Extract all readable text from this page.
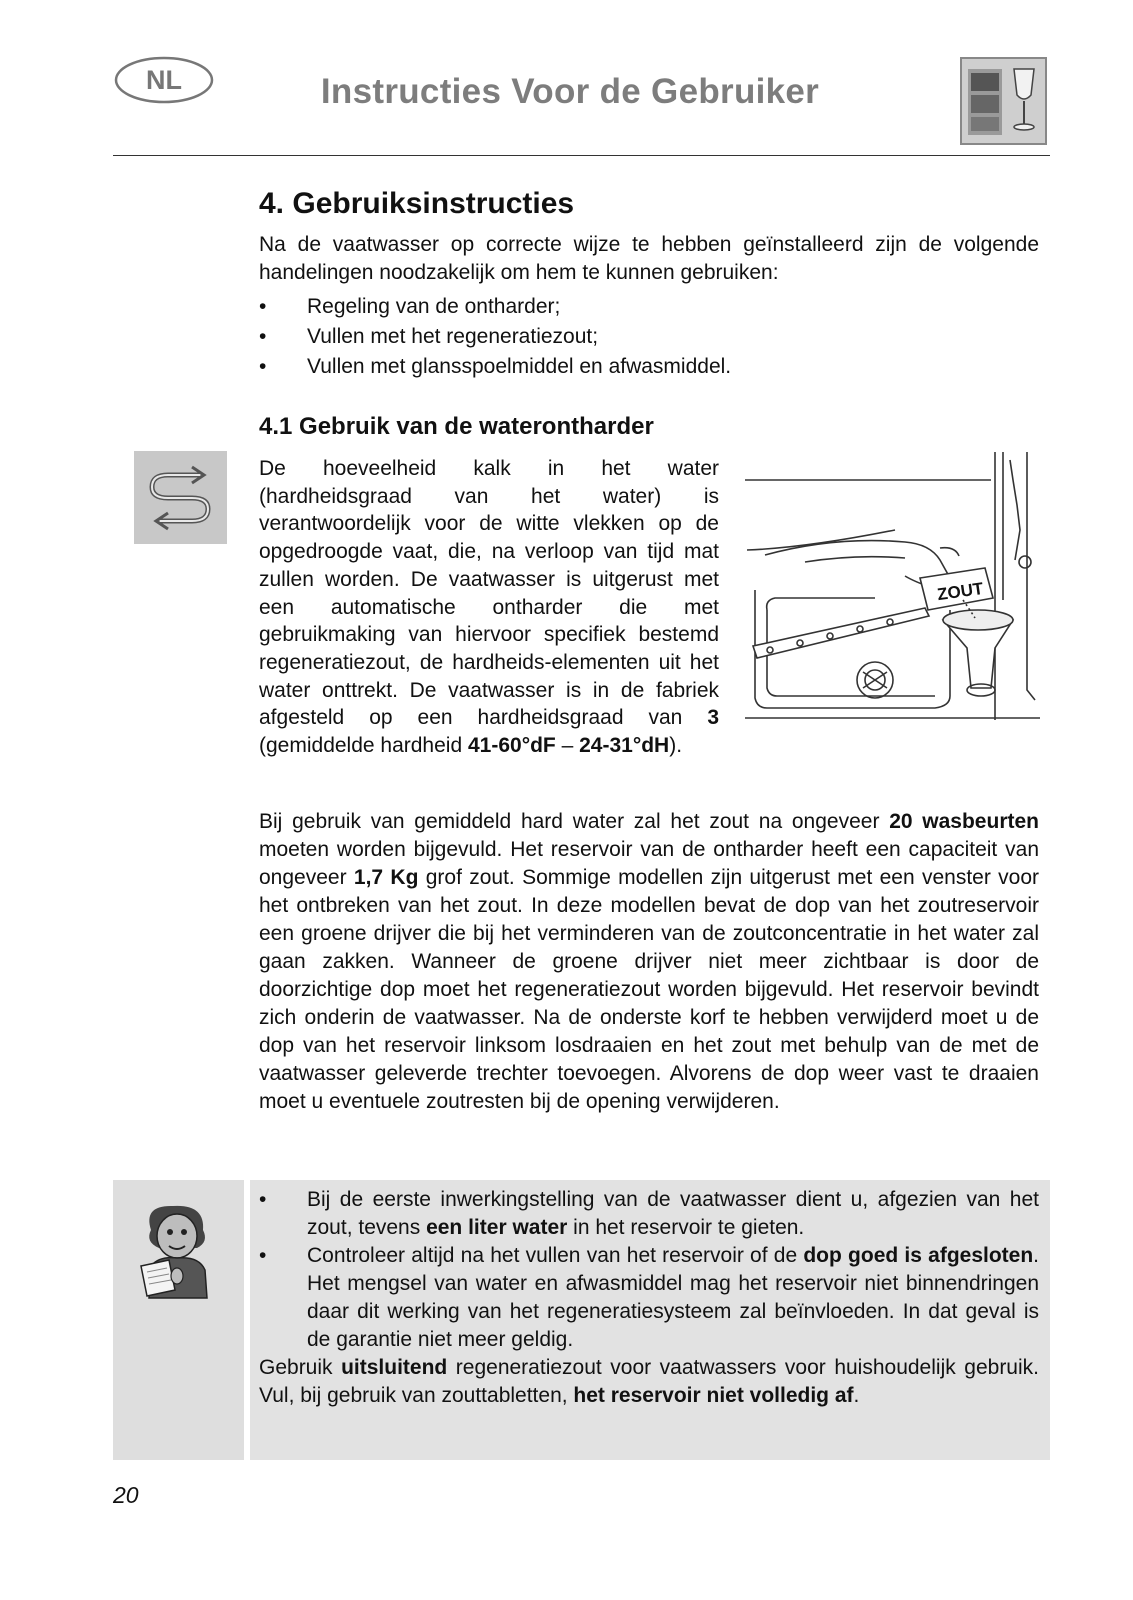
NL	Instructies Voor de Gebruiker
4. Gebruiksinstructies

Na de vaatwasser op correcte wijze te hebben geïnstalleerd zijn de volgende handelingen noodzakelijk om hem te kunnen gebruiken:

•	Regeling van de ontharder;
•	Vullen met het regeneratiezout;
•	Vullen met glansspoelmiddel en afwasmiddel.
4.1 Gebruik van de waterontharder

De hoeveelheid kalk in het water (hardheidsgraad van het water) is verantwoordelijk voor de witte vlekken op de opgedroogde vaat, die, na verloop van tijd mat zullen worden. De vaatwasser is uitgerust met een automatische ontharder die met gebruikmaking van hiervoor specifiek bestemd regeneratiezout, de hardheids-elementen uit het water onttrekt. De vaatwasser is in de fabriek afgesteld op een hardheidsgraad van 3 (gemiddelde hardheid 41-60°dF – 24-31°dH).

ZOUT

Bij gebruik van gemiddeld hard water zal het zout na ongeveer 20 wasbeurten moeten worden bijgevuld. Het reservoir van de ontharder heeft een capaciteit van ongeveer 1,7 Kg grof zout. Sommige modellen zijn uitgerust met een venster voor het ontbreken van het zout. In deze modellen bevat de dop van het zoutreservoir een groene drijver die bij het verminderen van de zoutconcentratie in het water zal gaan zakken. Wanneer de groene drijver niet meer zichtbaar is door de doorzichtige dop moet het regeneratiezout worden bijgevuld. Het reservoir bevindt zich onderin de vaatwasser. Na de onderste korf te hebben verwijderd moet u de dop van het reservoir linksom losdraaien en het zout met behulp van de met de vaatwasser geleverde trechter toevoegen. Alvorens de dop weer vast te draaien moet u eventuele zoutresten bij de opening verwijderen.

•	Bij de eerste inwerkingstelling van de vaatwasser dient u, afgezien van het zout, tevens een liter water in het reservoir te gieten.
•	Controleer altijd na het vullen van het reservoir of de dop goed is afgesloten. Het mengsel van water en afwasmiddel mag het reservoir niet binnendringen daar dit werking van het regeneratiesysteem zal beïnvloeden. In dat geval is de garantie niet meer geldig.

Gebruik uitsluitend regeneratiezout voor vaatwassers voor huishoudelijk gebruik. Vul, bij gebruik van zouttabletten, het reservoir niet volledig af.

20
